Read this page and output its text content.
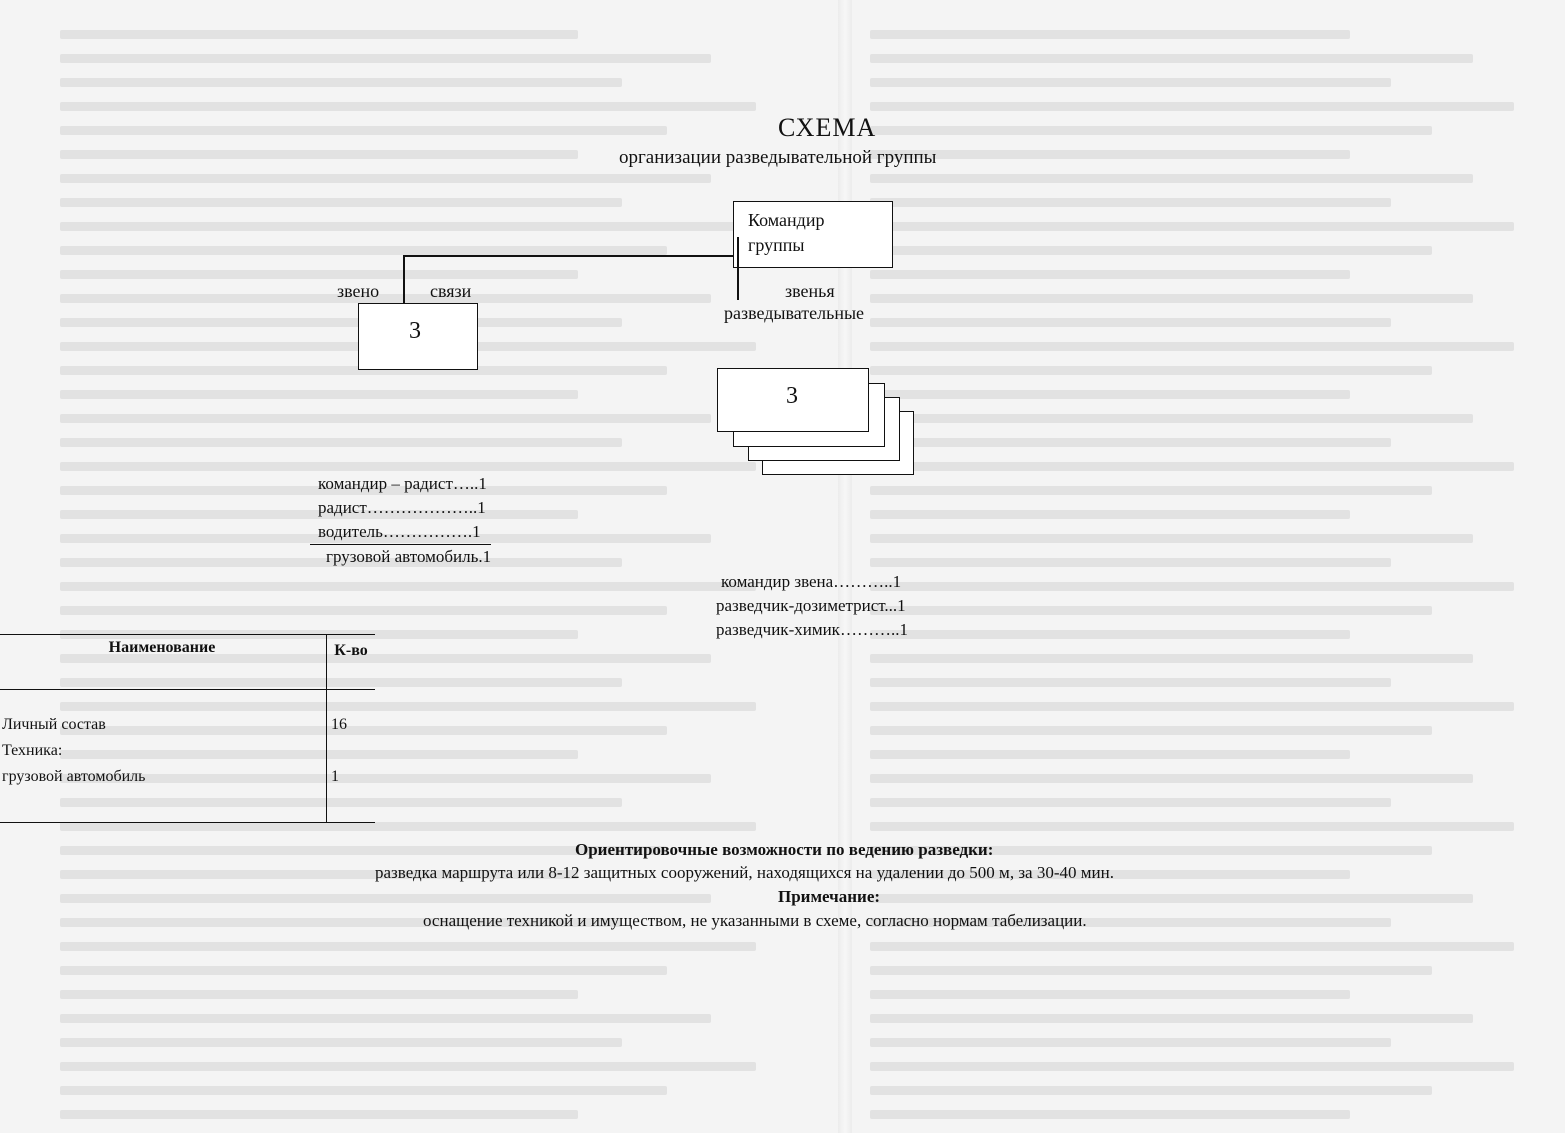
СХЕМА
организации разведывательной группы
Командир группы
звено	связи
3
звенья
разведывательные
3
командир – радист…..1
радист………………..1
водитель…………….1
грузовой автомобиль.1
командир звена………..1
разведчик-дозиметрист...1
разведчик-химик………..1
Наименование	К-во

Личный состав	16
Техника:	
грузовой автомобиль	1

Ориентировочные возможности по ведению разведки:
разведка маршрута или 8-12 защитных сооружений, находящихся на удалении до 500 м, за 30-40 мин.
Примечание:
оснащение техникой и имуществом, не указанными в схеме, согласно нормам табелизации.
